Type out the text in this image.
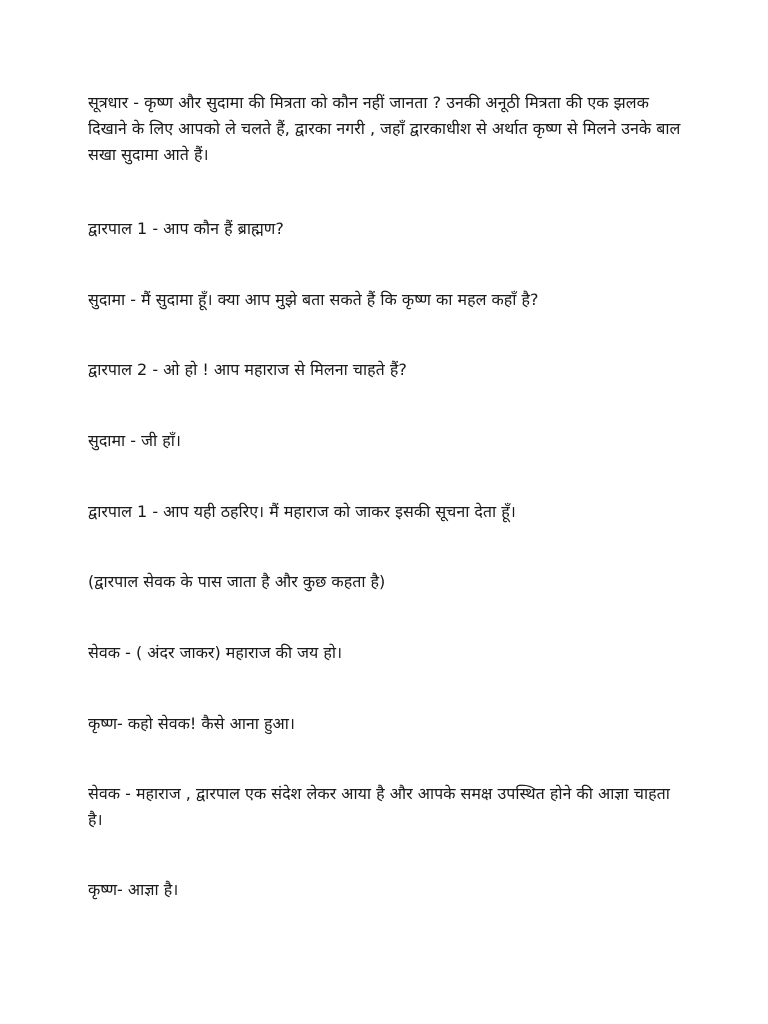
सूत्रधार - कृष्ण और सुदामा की मित्रता को कौन नहीं जानता ? उनकी अनूठी मित्रता की एक झलक दिखाने के लिए आपको ले चलते हैं, द्वारका नगरी , जहाँ द्वारकाधीश से अर्थात कृष्ण से मिलने उनके बाल सखा सुदामा आते हैं।

द्वारपाल 1 - आप कौन हैं ब्राह्मण?

सुदामा - मैं सुदामा हूँ। क्या आप मुझे बता सकते हैं कि कृष्ण का महल कहाँ है?

द्वारपाल 2 - ओ हो ! आप महाराज से मिलना चाहते हैं?

सुदामा - जी हाँ।

द्वारपाल 1 - आप यही ठहरिए। मैं महाराज को जाकर इसकी सूचना देता हूँ।

(द्वारपाल सेवक के पास जाता है और कुछ कहता है)

सेवक - ( अंदर जाकर) महाराज की जय हो।

कृष्ण- कहो सेवक! कैसे आना हुआ।

सेवक - महाराज , द्वारपाल एक संदेश लेकर आया है और आपके समक्ष उपस्थित होने की आज्ञा चाहता है।

कृष्ण- आज्ञा है।
